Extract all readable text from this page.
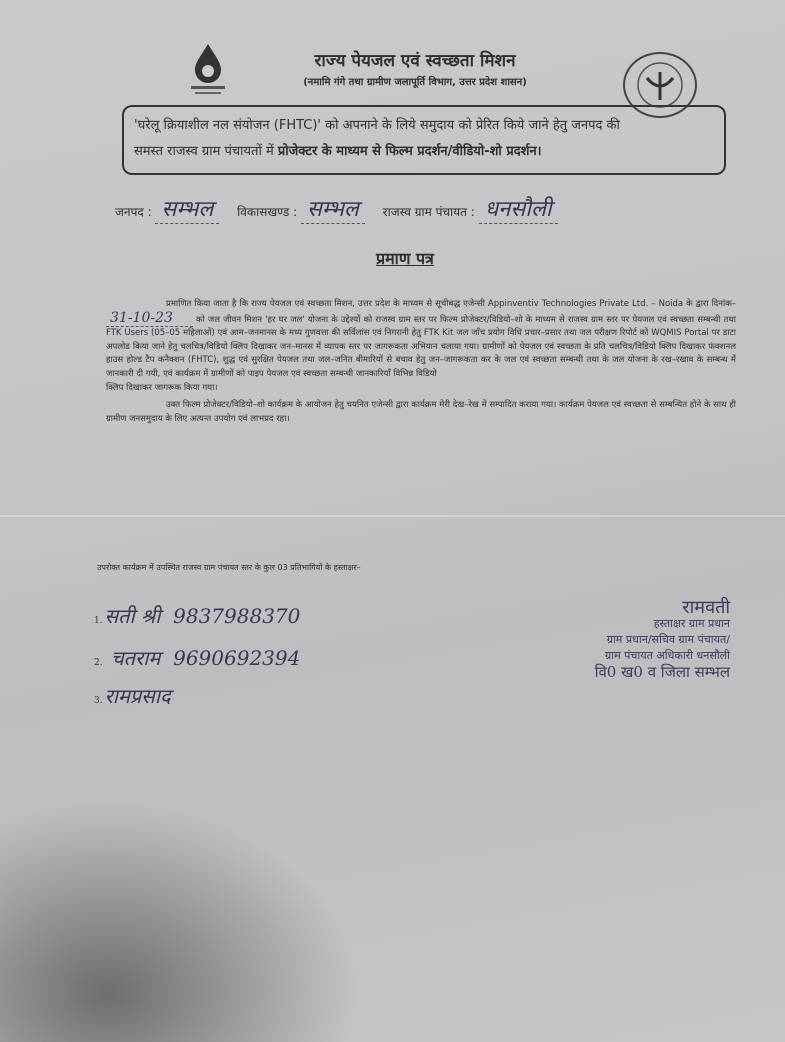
राज्य पेयजल एवं स्वच्छता मिशन
(नमामि गंगे तथा ग्रामीण जलापूर्ति विभाग, उत्तर प्रदेश शासन)
'घरेलू क्रियाशील नल संयोजन (FHTC)' को अपनाने के लिये समुदाय को प्रेरित किये जाने हेतु जनपद की
समस्त राजस्व ग्राम पंचायतों में प्रोजेक्टर के माध्यम से फिल्म प्रदर्शन/वीडियो-शो प्रदर्शन।
जनपद : सम्भल विकासखण्ड : सम्भल राजस्व ग्राम पंचायत : धनसौली
प्रमाण पत्र

प्रमाणित किया जाता है कि राज्य पेयजल एवं स्वच्छता मिशन, उत्तर प्रदेश के माध्यम से सूचीबद्ध एजेन्सी Appinventiv Technologies Private Ltd. – Noida के द्वारा दिनांक–31-10-23 को जल जीवन मिशन 'हर घर जल' योजना के उद्देश्यों को राजस्व ग्राम स्तर पर फिल्म प्रोजेक्टर/विडियो–शो के माध्यम से राजस्व ग्राम स्तर पर पेयजल एवं स्वच्छता सम्बन्धी तथा FTK Users (05–05 महिलाओं) एवं आम–जनमानस के मध्य गुणवत्ता की सर्विलांस एवं निगरानी हेतु FTK Kit जल जाँच प्रयोग विधि प्रचार–प्रसार तथा जल परीक्षण रिपोर्ट को WQMIS Portal पर डाटा अपलोड किया जाने हेतु चलचित्र/विडियो क्लिप दिखाकर जन–मानस में व्यापक स्तर पर जागरूकता अभियान चलाया गया। ग्रामीणों को पेयजल एवं स्वच्छता के प्रति चलचित्र/विडियो क्लिप दिखाकर फंक्शनल हाउस होल्ड टैप कनैक्शन (FHTC), शुद्ध एवं सुरक्षित पेयजल तथा जल–जनित बीमारियों से बचाव हेतु जन–जागरूकता कर के जल एवं स्वच्छता सम्बन्धी तथा के जल योजना के रख–रखाव के सम्बन्ध में जानकारी दी गयी, एवं कार्यक्रम में ग्रामीणों को पाइप पेयजल एवं स्वच्छता सम्बन्धी जानकारियाँ विभिन्न विडियो

क्लिप दिखाकर जागरूक किया गया।

उक्त फिल्म प्रोजेक्टर/विडियो–शो कार्यक्रम के आयोजन हेतु चयनित एजेन्सी द्वारा कार्यक्रम मेरी देख–रेख में सम्पादित कराया गया। कार्यक्रम पेयजल एवं स्वच्छता से सम्बन्धित होने के साथ ही ग्रामीण जनसमुदाय के लिए अत्यन्त उपयोग एवं लाभप्रद रहा।

उपरोक्त कार्यक्रम में उपस्थित राजस्व ग्राम पंचायत स्तर के कुल 03 प्रतिभागियों के हस्ताक्षर–
1. सती श्री 9837988370
2. चतराम 9690692394
3. रामप्रसाद
रामवती
हस्ताक्षर ग्राम प्रधान
ग्राम प्रधान/सचिव ग्राम पंचायत/
ग्राम पंचायत अधिकारी धनसौली
वि0 ख0 व जिला सम्भल
